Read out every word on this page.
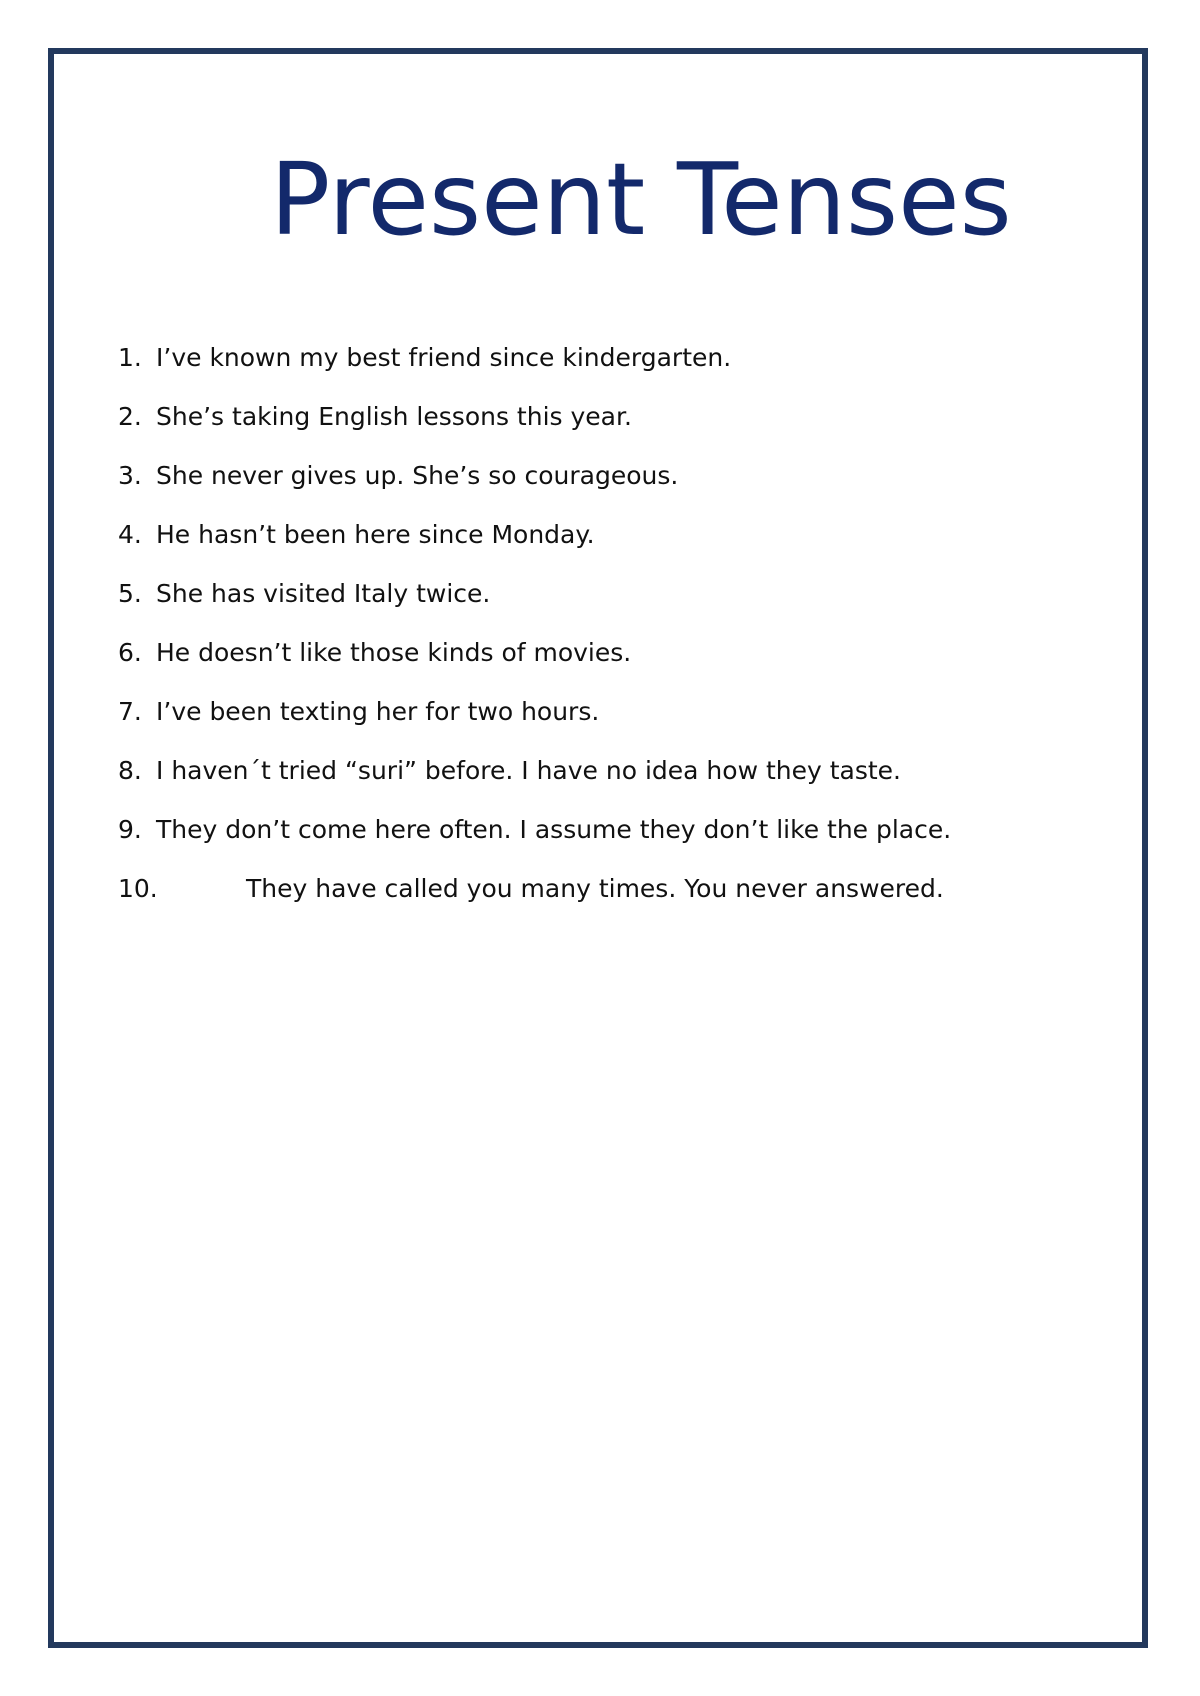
Present Tenses
1. I’ve known my best friend since kindergarten.
2. She’s taking English lessons this year.
3. She never gives up. She’s so courageous.
4. He hasn’t been here since Monday.
5. She has visited Italy twice.
6. He doesn’t like those kinds of movies.
7. I’ve been texting her for two hours.
8. I haven´t tried “suri” before. I have no idea how they taste.
9. They don’t come here often. I assume they don’t like the place.
10.	They have called you many times. You never answered.
